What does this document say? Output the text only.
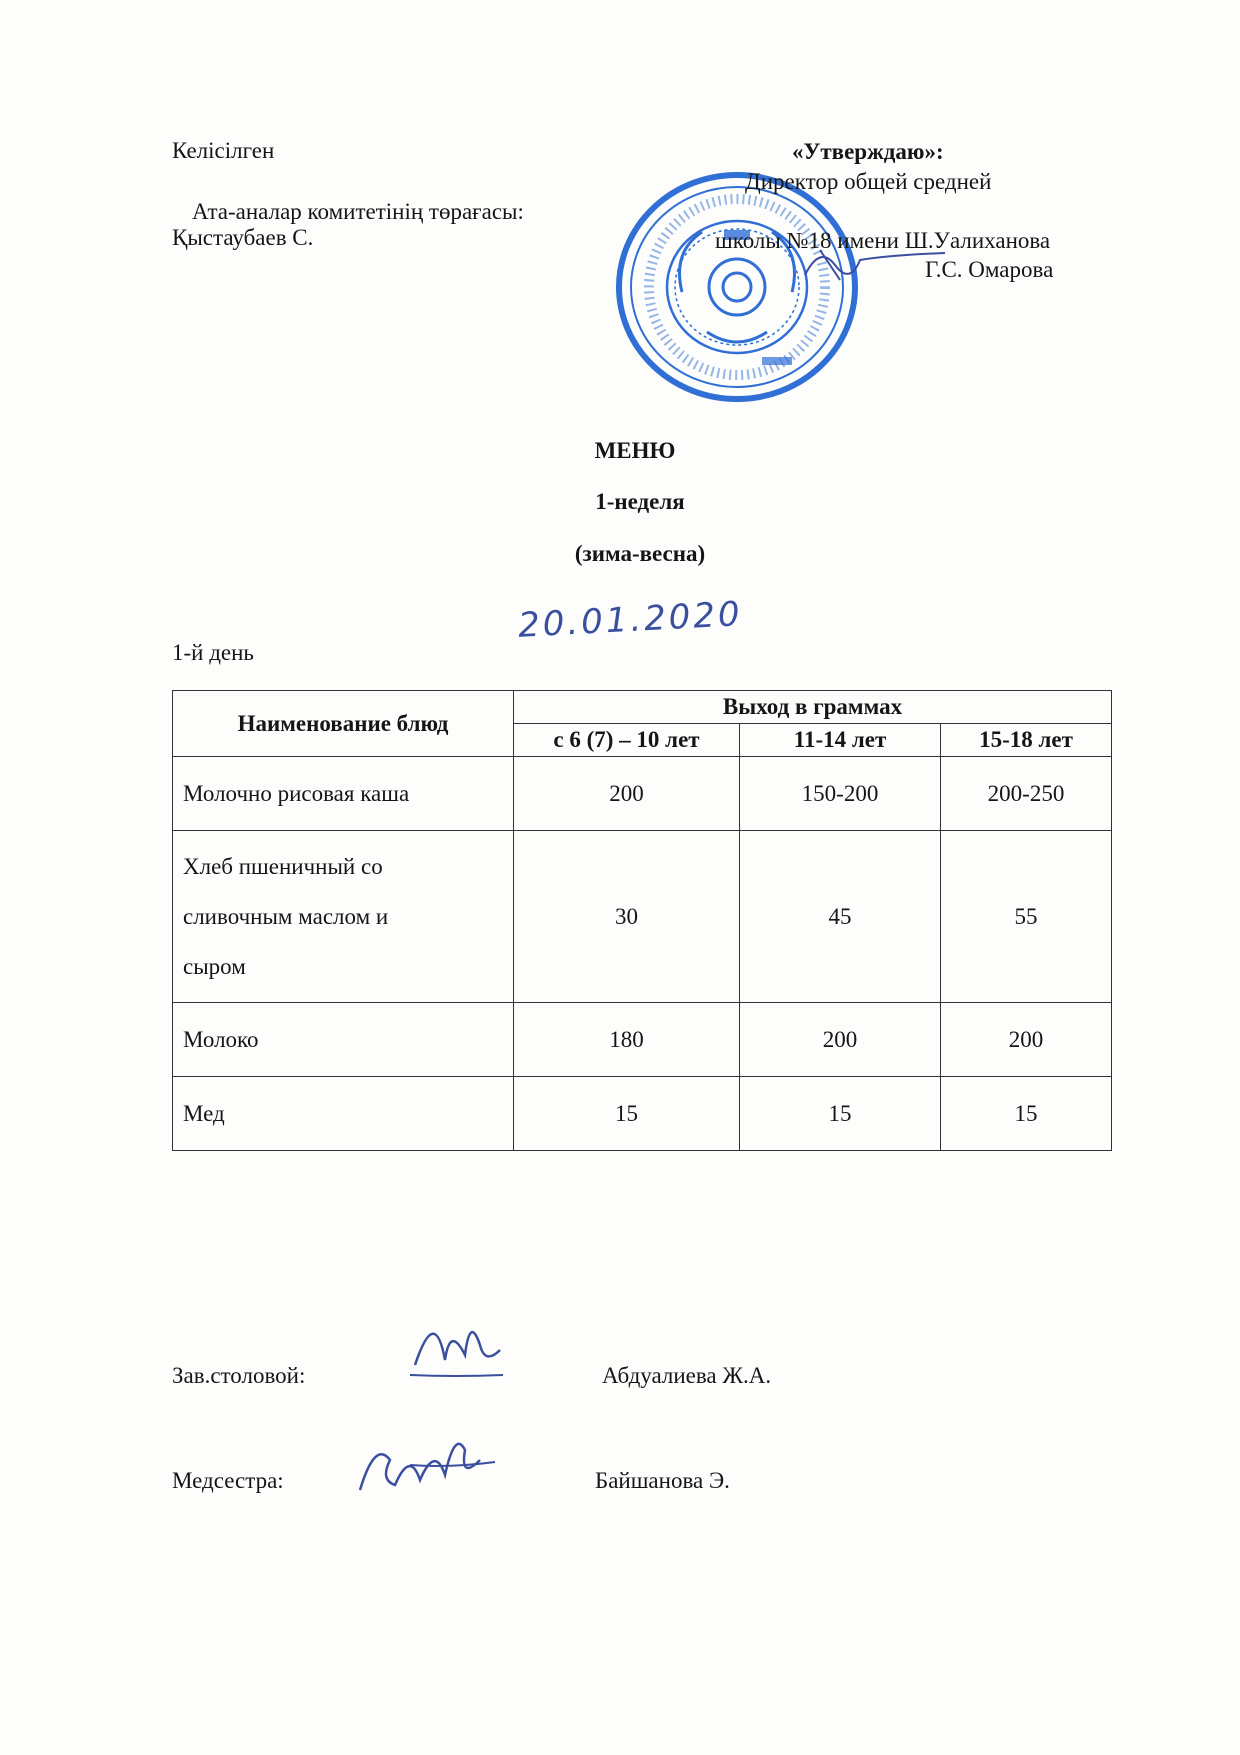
Келісілген
Ата-аналар комитетінің төрағасы:
Қыстаубаев С.
«Утверждаю»:
Директор общей средней
школы №18 имени Ш.Уалиханова
Г.С. Омарова
МЕНЮ
1-неделя
(зима-весна)
20.01.2020
1-й день
Наименование блюд	Выход в граммах		
	с 6 (7) – 10 лет	11-14 лет	15-18 лет
Молочно рисовая каша	200	150-200	200-250
Хлеб пшеничный со
сливочным маслом и
сыром	30	45	55
Молоко	180	200	200
Мед	15	15	15
Зав.столовой:	Абдуалиева Ж.А.
Медсестра:	Байшанова Э.
